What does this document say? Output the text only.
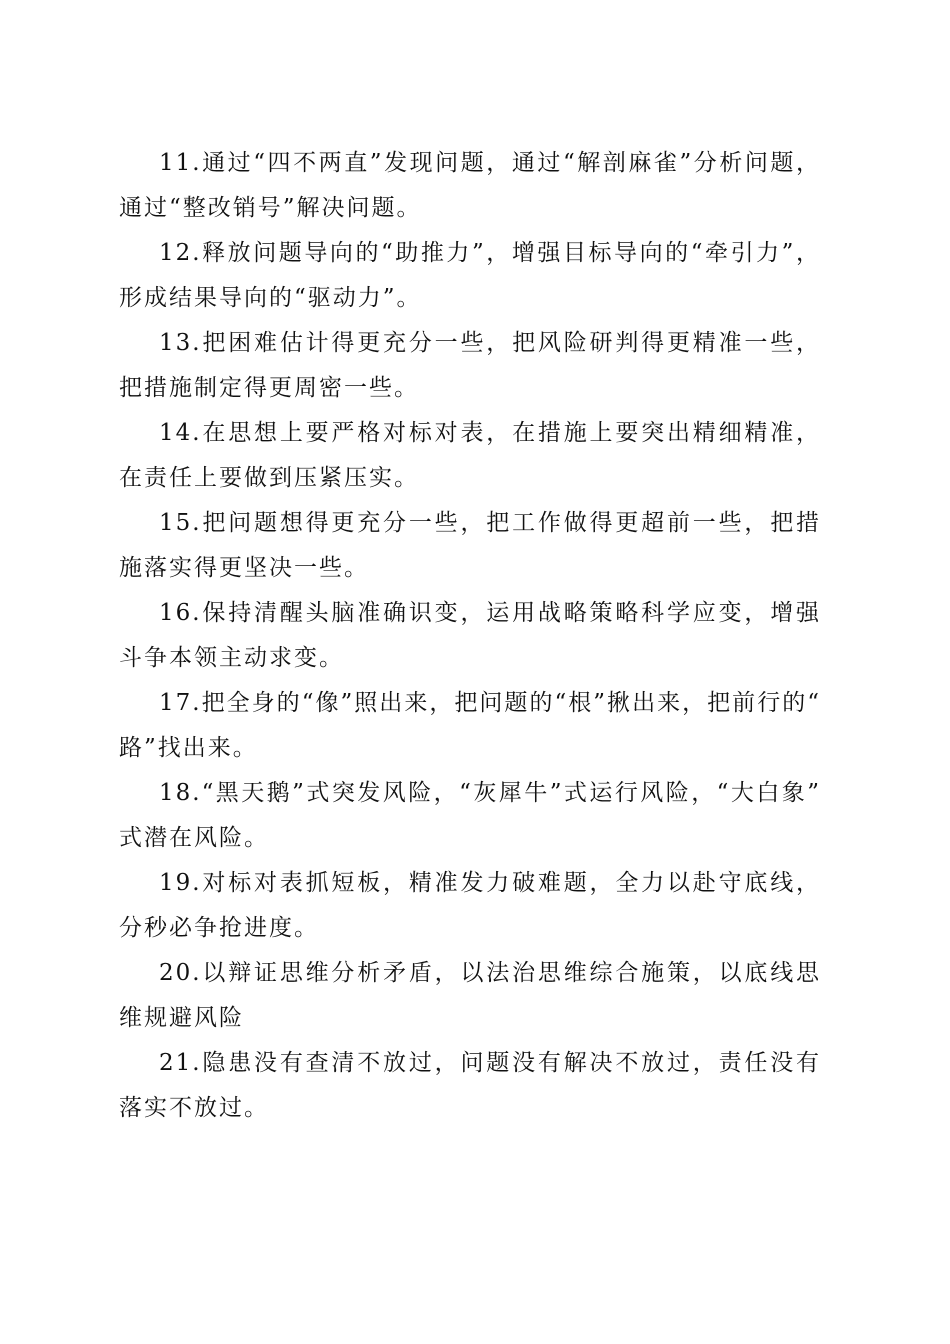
11.通过“四不两直”发现问题，通过“解剖麻雀”分析问题，通过“整改销号”解决问题。

12.释放问题导向的“助推力”，增强目标导向的“牵引力”，形成结果导向的“驱动力”。

13.把困难估计得更充分一些，把风险研判得更精准一些，把措施制定得更周密一些。

14.在思想上要严格对标对表，在措施上要突出精细精准，在责任上要做到压紧压实。

15.把问题想得更充分一些，把工作做得更超前一些，把措施落实得更坚决一些。

16.保持清醒头脑准确识变，运用战略策略科学应变，增强斗争本领主动求变。

17.把全身的“像”照出来，把问题的“根”揪出来，把前行的“路”找出来。

18.“黑天鹅”式突发风险，“灰犀牛”式运行风险，“大白象”式潜在风险。

19.对标对表抓短板，精准发力破难题，全力以赴守底线，分秒必争抢进度。

20.以辩证思维分析矛盾，以法治思维综合施策，以底线思维规避风险

21.隐患没有查清不放过，问题没有解决不放过，责任没有落实不放过。
